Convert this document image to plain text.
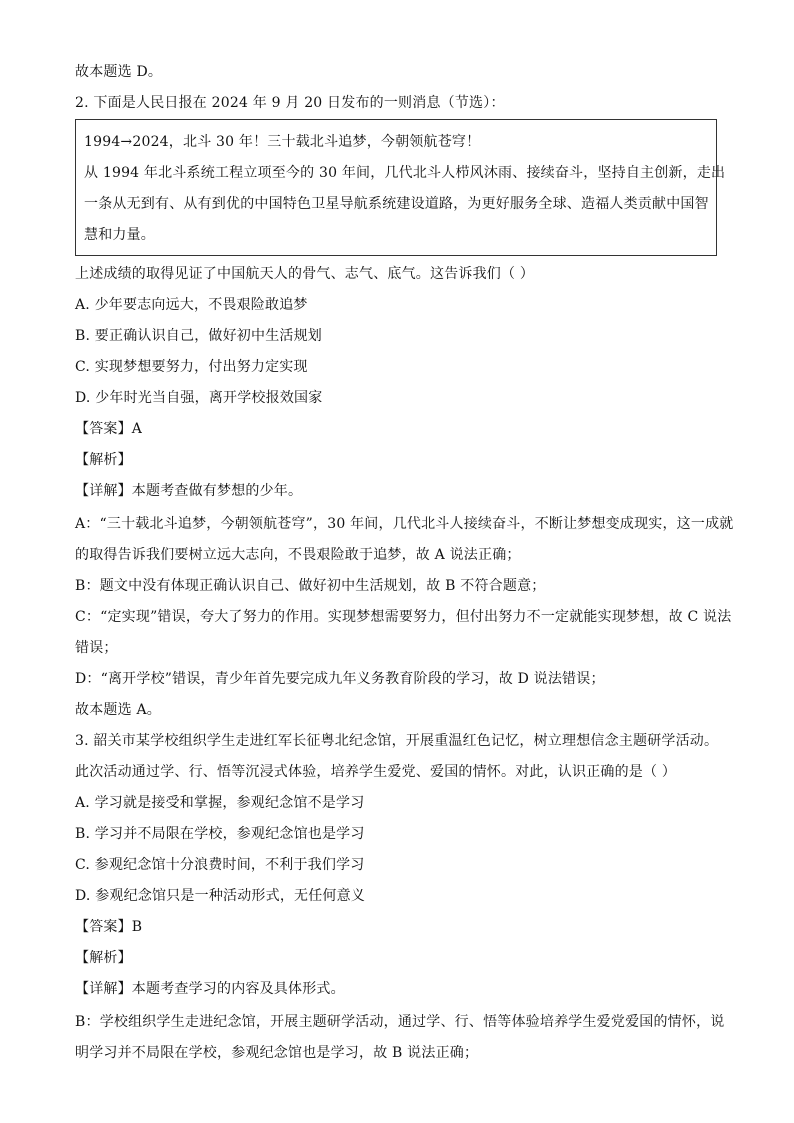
故本题选 D。
2. 下面是人民日报在 2024 年 9 月 20 日发布的一则消息（节选）：
1994→2024，北斗 30 年！三十载北斗追梦，今朝领航苍穹！
从 1994 年北斗系统工程立项至今的 30 年间，几代北斗人栉风沐雨、接续奋斗，坚持自主创新，走出
一条从无到有、从有到优的中国特色卫星导航系统建设道路，为更好服务全球、造福人类贡献中国智
慧和力量。
上述成绩的取得见证了中国航天人的骨气、志气、底气。这告诉我们（ ）
A. 少年要志向远大，不畏艰险敢追梦
B. 要正确认识自己，做好初中生活规划
C. 实现梦想要努力，付出努力定实现
D. 少年时光当自强，离开学校报效国家
【答案】A
【解析】
【详解】本题考查做有梦想的少年。
A：“三十载北斗追梦，今朝领航苍穹”，30 年间，几代北斗人接续奋斗，不断让梦想变成现实，这一成就
的取得告诉我们要树立远大志向，不畏艰险敢于追梦，故 A 说法正确；
B：题文中没有体现正确认识自己、做好初中生活规划，故 B 不符合题意；
C：“定实现”错误，夸大了努力的作用。实现梦想需要努力，但付出努力不一定就能实现梦想，故 C 说法
错误；
D：“离开学校”错误，青少年首先要完成九年义务教育阶段的学习，故 D 说法错误；
故本题选 A。
3. 韶关市某学校组织学生走进红军长征粤北纪念馆，开展重温红色记忆，树立理想信念主题研学活动。
此次活动通过学、行、悟等沉浸式体验，培养学生爱党、爱国的情怀。对此，认识正确的是（ ）
A. 学习就是接受和掌握，参观纪念馆不是学习
B. 学习并不局限在学校，参观纪念馆也是学习
C. 参观纪念馆十分浪费时间，不利于我们学习
D. 参观纪念馆只是一种活动形式，无任何意义
【答案】B
【解析】
【详解】本题考查学习的内容及具体形式。
B：学校组织学生走进纪念馆，开展主题研学活动，通过学、行、悟等体验培养学生爱党爱国的情怀，说
明学习并不局限在学校，参观纪念馆也是学习，故 B 说法正确；
